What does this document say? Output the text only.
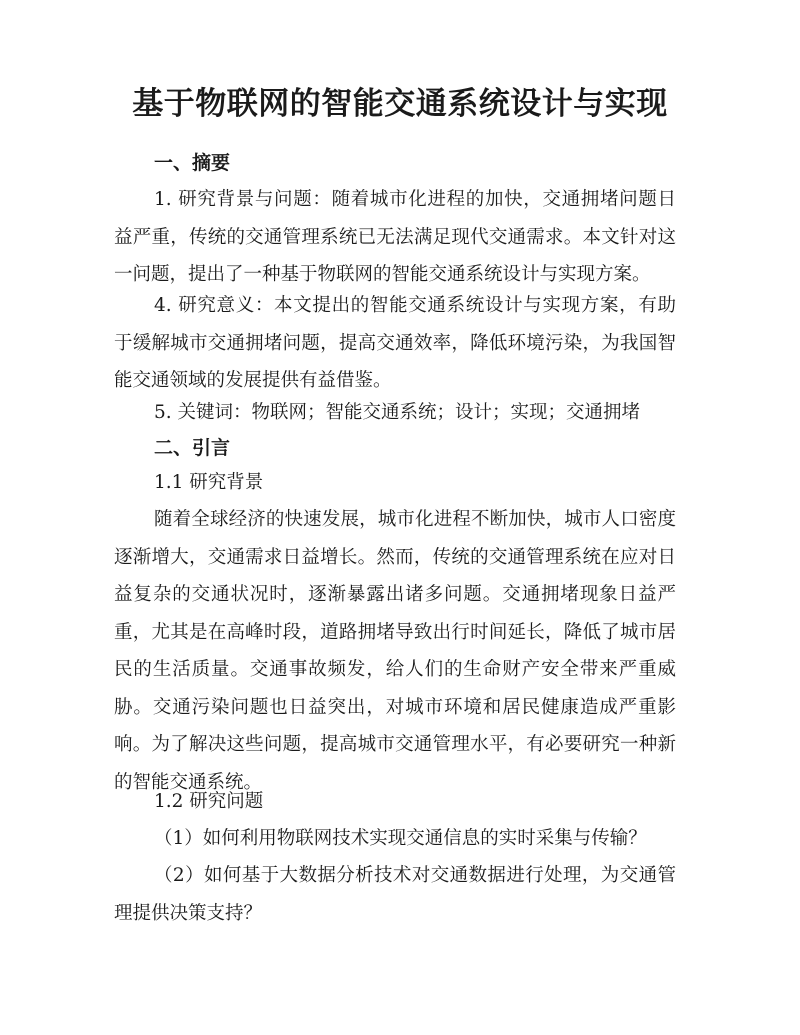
基于物联网的智能交通系统设计与实现
一、摘要
1. 研究背景与问题：随着城市化进程的加快，交通拥堵问题日益严重，传统的交通管理系统已无法满足现代交通需求。本文针对这一问题，提出了一种基于物联网的智能交通系统设计与实现方案。
4. 研究意义：本文提出的智能交通系统设计与实现方案，有助于缓解城市交通拥堵问题，提高交通效率，降低环境污染，为我国智能交通领域的发展提供有益借鉴。
5. 关键词：物联网；智能交通系统；设计；实现；交通拥堵
二、引言
1.1 研究背景
随着全球经济的快速发展，城市化进程不断加快，城市人口密度逐渐增大，交通需求日益增长。然而，传统的交通管理系统在应对日益复杂的交通状况时，逐渐暴露出诸多问题。交通拥堵现象日益严重，尤其是在高峰时段，道路拥堵导致出行时间延长，降低了城市居民的生活质量。交通事故频发，给人们的生命财产安全带来严重威胁。交通污染问题也日益突出，对城市环境和居民健康造成严重影响。为了解决这些问题，提高城市交通管理水平，有必要研究一种新的智能交通系统。
1.2 研究问题
（1）如何利用物联网技术实现交通信息的实时采集与传输？
（2）如何基于大数据分析技术对交通数据进行处理，为交通管理提供决策支持？
